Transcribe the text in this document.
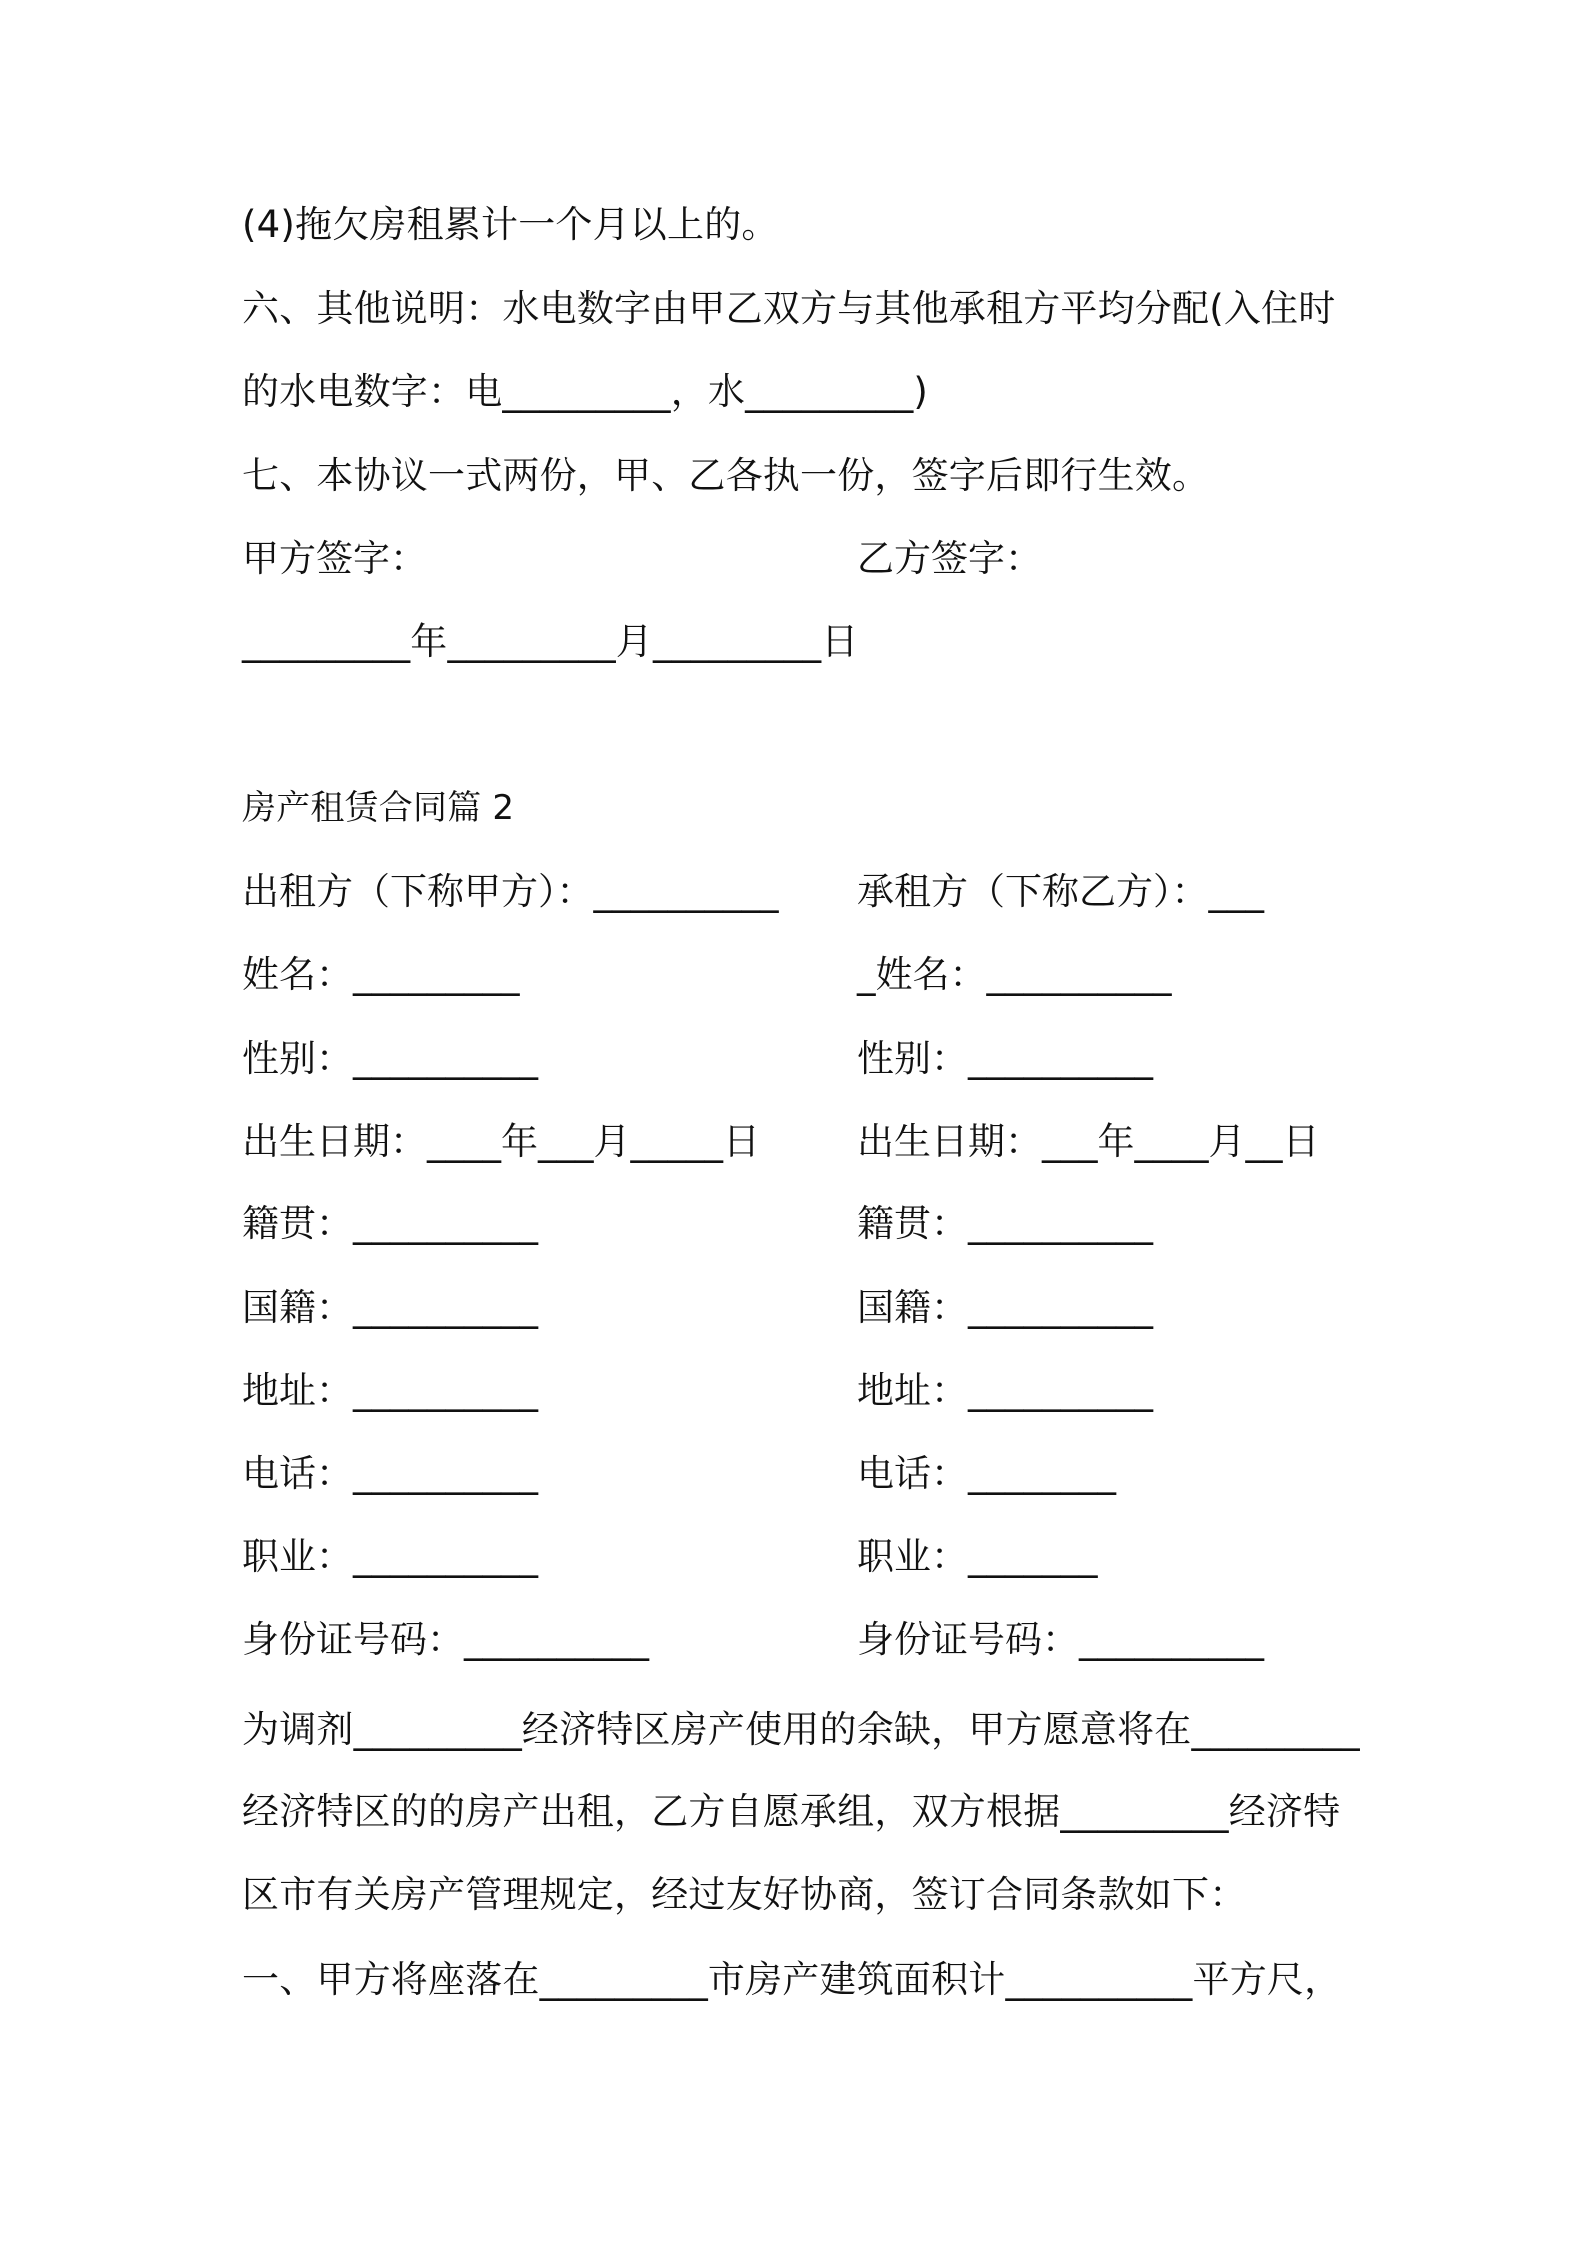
(4)拖欠房租累计一个月以上的。
六、其他说明：水电数字由甲乙双方与其他承租方平均分配(入住时
的水电数字：电_________，水_________)
七、本协议一式两份，甲、乙各执一份，签字后即行生效。
甲方签字：	乙方签字：
_________年_________月_________日
房产租赁合同篇 2
出租方（下称甲方）：__________ 承租方（下称乙方）：___
姓名：_________	_姓名：__________
性别：__________	性别：__________
出生日期：____年___月_____日	出生日期：___年____月__日
籍贯：__________	籍贯：__________
国籍：__________	国籍：__________
地址：__________	地址：__________
电话：__________	电话：________
职业：__________	职业：_______
身份证号码：__________	身份证号码：__________
为调剂_________经济特区房产使用的余缺，甲方愿意将在_________
经济特区的的房产出租，乙方自愿承组，双方根据_________经济特
区市有关房产管理规定，经过友好协商，签订合同条款如下：
一、甲方将座落在_________市房产建筑面积计__________平方尺，
